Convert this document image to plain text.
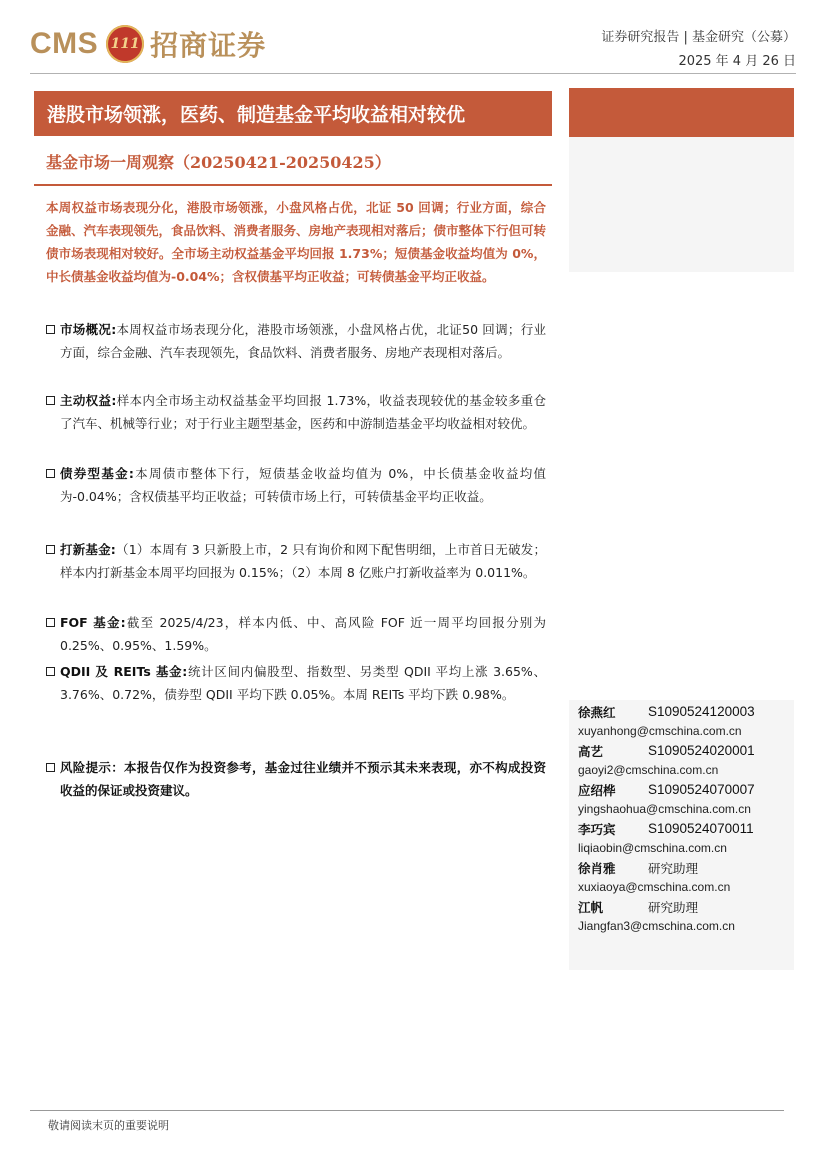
CMS 111 招商证券	证券研究报告 | 基金研究（公募）
2025 年 4 月 26 日
港股市场领涨，医药、制造基金平均收益相对较优
基金市场一周观察（20250421-20250425）
本周权益市场表现分化，港股市场领涨，小盘风格占优，北证 50 回调；行业方面，综合金融、汽车表现领先，食品饮料、消费者服务、房地产表现相对落后；债市整体下行但可转债市场表现相对较好。全市场主动权益基金平均回报 1.73%；短债基金收益均值为 0%，中长债基金收益均值为-0.04%；含权债基平均正收益；可转债基金平均正收益。
市场概况:本周权益市场表现分化，港股市场领涨，小盘风格占优，北证50 回调；行业方面，综合金融、汽车表现领先，食品饮料、消费者服务、房地产表现相对落后。
主动权益:样本内全市场主动权益基金平均回报 1.73%，收益表现较优的基金较多重仓了汽车、机械等行业；对于行业主题型基金，医药和中游制造基金平均收益相对较优。
债券型基金:本周债市整体下行，短债基金收益均值为 0%，中长债基金收益均值为-0.04%；含权债基平均正收益；可转债市场上行，可转债基金平均正收益。
打新基金:（1）本周有 3 只新股上市，2 只有询价和网下配售明细，上市首日无破发；样本内打新基金本周平均回报为 0.15%；（2）本周 8 亿账户打新收益率为 0.011%。
FOF 基金:截至 2025/4/23，样本内低、中、高风险 FOF 近一周平均回报分别为 0.25%、0.95%、1.59%。
QDII 及 REITs 基金:统计区间内偏股型、指数型、另类型 QDII 平均上涨 3.65%、3.76%、0.72%，债券型 QDII 平均下跌 0.05%。本周 REITs 平均下跌 0.98%。
风险提示：本报告仅作为投资参考，基金过往业绩并不预示其未来表现，亦不构成投资收益的保证或投资建议。
徐燕红	S1090524120003
xuyanhong@cmschina.com.cn
高艺	S1090524020001
gaoyi2@cmschina.com.cn
应绍桦	S1090524070007
yingshaohua@cmschina.com.cn
李巧宾	S1090524070011
liqiaobin@cmschina.com.cn
徐肖雅	研究助理
xuxiaoya@cmschina.com.cn
江帆	研究助理
Jiangfan3@cmschina.com.cn
敬请阅读末页的重要说明
